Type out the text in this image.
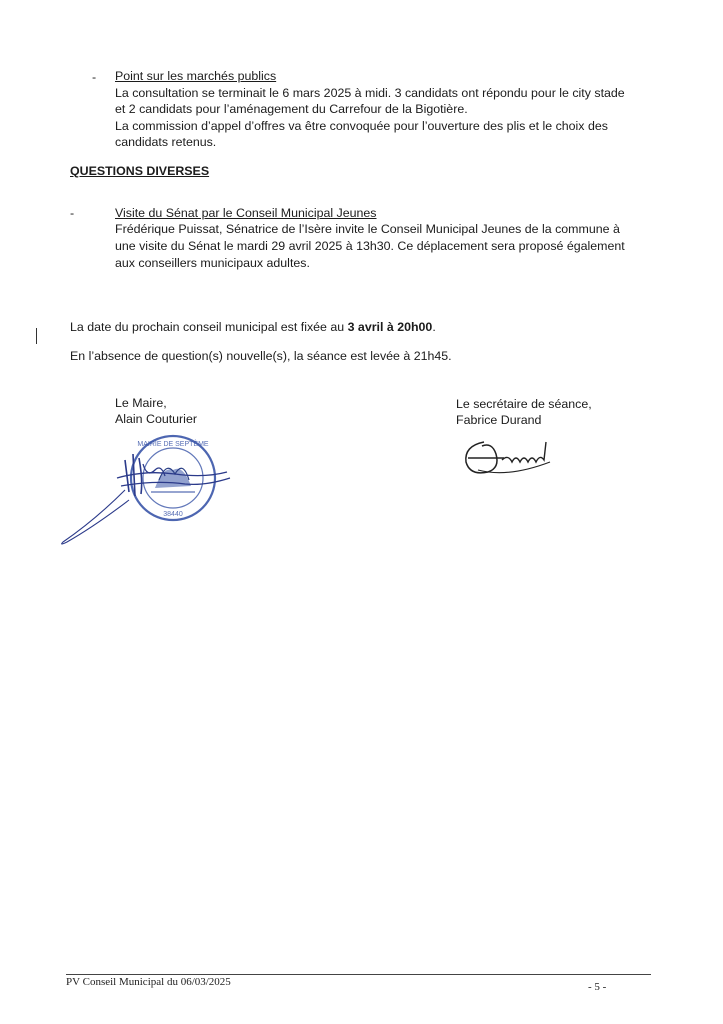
- Point sur les marchés publics
La consultation se terminait le 6 mars 2025 à midi. 3 candidats ont répondu pour le city stade
et 2 candidats pour l’aménagement du Carrefour de la Bigotière.
La commission d’appel d’offres va être convoquée pour l’ouverture des plis et le choix des
candidats retenus.
QUESTIONS DIVERSES
-	Visite du Sénat par le Conseil Municipal Jeunes
Frédérique Puissat, Sénatrice de l’Isère invite le Conseil Municipal Jeunes de la commune à
une visite du Sénat le mardi 29 avril 2025 à 13h30. Ce déplacement sera proposé également
aux conseillers municipaux adultes.
La date du prochain conseil municipal est fixée au 3 avril à 20h00.
En l’absence de question(s) nouvelle(s), la séance est levée à 21h45.
Le Maire,
Alain Couturier
Le secrétaire de séance,
Fabrice Durand
MAIRIE DE SEPTÈME
38440
PV Conseil Municipal du 06/03/2025	- 5 -
